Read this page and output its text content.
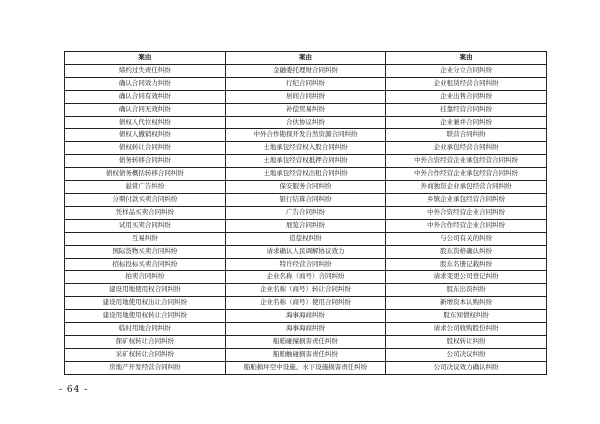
案由	案由	案由
缔约过失责任纠纷	金融委托理财合同纠纷	企业分立合同纠纷
确认合同效力纠纷	行纪合同纠纷	企业租赁经营合同纠纷
确认合同有效纠纷	居间合同纠纷	企业出售合同纠纷
确认合同无效纠纷	补偿贸易纠纷	挂靠经营合同纠纷
债权人代位权纠纷	合伙协议纠纷	企业兼并合同纠纷
债权人撤销权纠纷	中外合作勘探开发自然资源合同纠纷	联营合同纠纷
债权转让合同纠纷	土地承包经营权入股合同纠纷	企业承包经营合同纠纷
债务转移合同纠纷	土地承包经营权抵押合同纠纷	中外合资经营企业承包经营合同纠纷
债权债务概括转移合同纠纷	土地承包经营权出租合同纠纷	中外合作经营企业承包经营合同纠纷
悬赏广告纠纷	保安服务合同纠纷	外商独资企业承包经营合同纠纷
分期付款买卖合同纠纷	银行结算合同纠纷	乡镇企业承包经营合同纠纷
凭样品买卖合同纠纷	广告合同纠纷	中外合资经营企业合同纠纷
试用买卖合同纠纷	展览合同纠纷	中外合作经营企业合同纠纷
互易纠纷	追偿权纠纷	与公司有关的纠纷
国际货物买卖合同纠纷	请求确认人民调解协议效力	股东资格确认纠纷
招标投标买卖合同纠纷	特许经营合同纠纷	股东名册记载纠纷
拍卖合同纠纷	企业名称（商号）合同纠纷	请求变更公司登记纠纷
建设用地使用权合同纠纷	企业名称（商号）转让合同纠纷	股东出资纠纷
建设用地使用权出让合同纠纷	企业名称（商号）使用合同纠纷	新增资本认购纠纷
建设用地使用权转让合同纠纷	海事海商纠纷	股东知情权纠纷
临时用地合同纠纷	海事海商纠纷	请求公司收购股份纠纷
探矿权转让合同纠纷	船舶碰撞损害责任纠纷	股权转让纠纷
采矿权转让合同纠纷	船舶触碰损害责任纠纷	公司决议纠纷
房地产开发经营合同纠纷	船舶损坏空中设施、水下设施损害责任纠纷	公司决议效力确认纠纷
- 64 -
